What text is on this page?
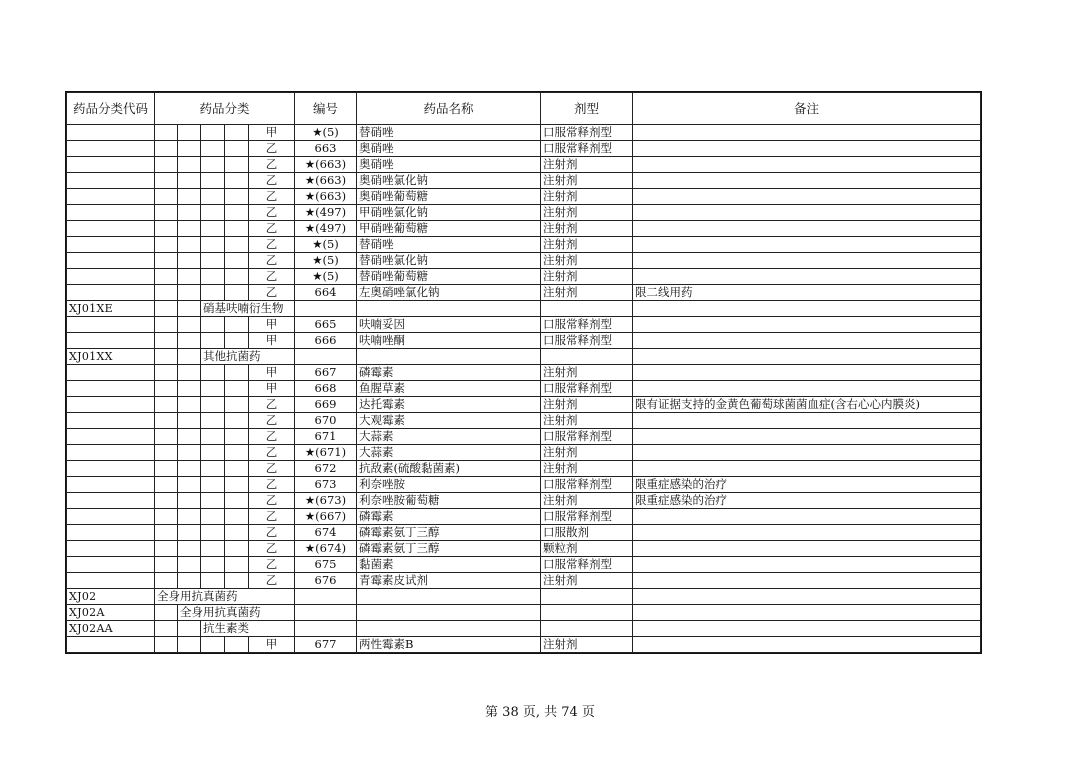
药品分类代码	药品分类					编号	药品名称	剂型	备注
					甲	★(5)	替硝唑	口服常释剂型	
					乙	663	奥硝唑	口服常释剂型	
					乙	★(663)	奥硝唑	注射剂	
					乙	★(663)	奥硝唑氯化钠	注射剂	
					乙	★(663)	奥硝唑葡萄糖	注射剂	
					乙	★(497)	甲硝唑氯化钠	注射剂	
					乙	★(497)	甲硝唑葡萄糖	注射剂	
					乙	★(5)	替硝唑	注射剂	
					乙	★(5)	替硝唑氯化钠	注射剂	
					乙	★(5)	替硝唑葡萄糖	注射剂	
					乙	664	左奥硝唑氯化钠	注射剂	限二线用药
XJ01XE			硝基呋喃衍生物						
					甲	665	呋喃妥因	口服常释剂型	
					甲	666	呋喃唑酮	口服常释剂型	
XJ01XX			其他抗菌药						
					甲	667	磷霉素	注射剂	
					甲	668	鱼腥草素	口服常释剂型	
					乙	669	达托霉素	注射剂	限有证据支持的金黄色葡萄球菌菌血症(含右心心内膜炎)
					乙	670	大观霉素	注射剂	
					乙	671	大蒜素	口服常释剂型	
					乙	★(671)	大蒜素	注射剂	
					乙	672	抗敌素(硫酸黏菌素)	注射剂	
					乙	673	利奈唑胺	口服常释剂型	限重症感染的治疗
					乙	★(673)	利奈唑胺葡萄糖	注射剂	限重症感染的治疗
					乙	★(667)	磷霉素	口服常释剂型	
					乙	674	磷霉素氨丁三醇	口服散剂	
					乙	★(674)	磷霉素氨丁三醇	颗粒剂	
					乙	675	黏菌素	口服常释剂型	
					乙	676	青霉素皮试剂	注射剂	
XJ02	全身用抗真菌药								
XJ02A		全身用抗真菌药							
XJ02AA			抗生素类						
					甲	677	两性霉素B	注射剂	
第 38 页, 共 74 页
